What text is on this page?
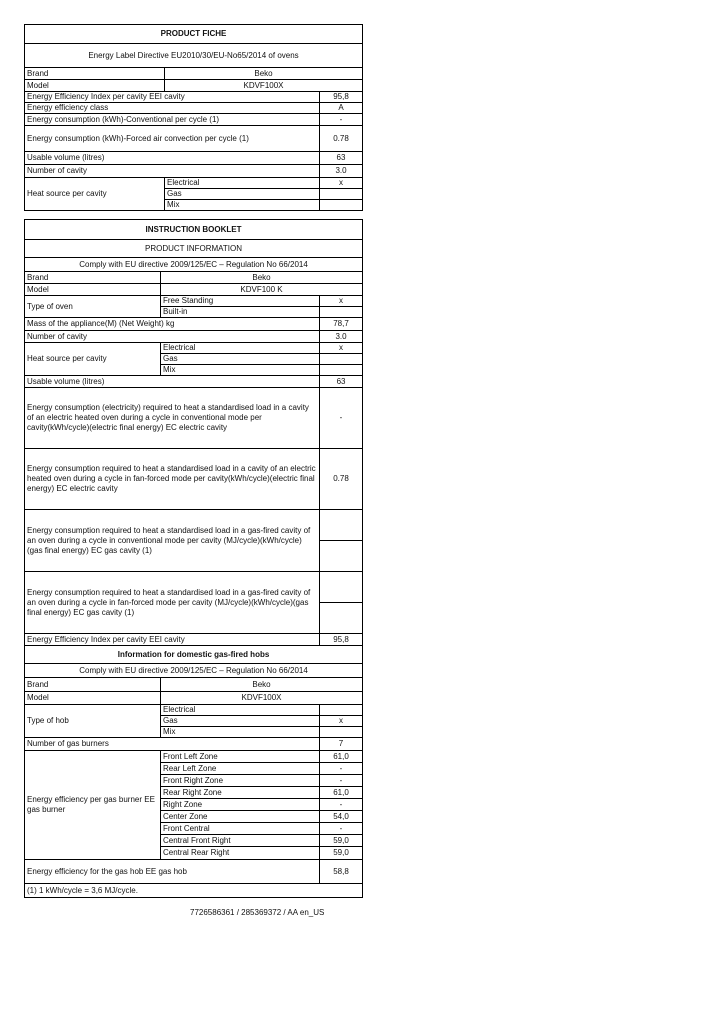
PRODUCT FICHE		
Energy Label Directive EU2010/30/EU-No65/2014 of ovens		
Brand	Beko	
Model	KDVF100X	
Energy Efficiency Index per cavity EEI cavity		95,8
Energy efficiency class		A
Energy consumption (kWh)-Conventional per cycle (1)		-
Energy consumption (kWh)-Forced air convection per cycle (1)		0.78
Usable volume (litres)		63
Number of cavity		3.0
Heat source per cavity	Electrical	x
	Gas	
	Mix	
INSTRUCTION BOOKLET		
PRODUCT INFORMATION		
Comply with EU directive 2009/125/EC – Regulation No 66/2014		
Brand	Beko	
Model	KDVF100 K	
Type of oven	Free Standing	x
	Built-in	
Mass of the appliance(M) (Net Weight) kg		78,7
Number of cavity		3.0
Heat source per cavity	Electrical	x
	Gas	
	Mix	
Usable volume (litres)		63
Energy consumption (electricity) required to heat a standardised load in a cavity of an electric heated oven during a cycle in conventional mode per cavity(kWh/cycle)(electric final energy) EC electric cavity		-
Energy consumption required to heat a standardised load in a cavity of an electric heated oven during a cycle in fan-forced mode per cavity(kWh/cycle)(electric final energy) EC electric cavity		0.78
Energy consumption required to heat a standardised load in a gas-fired cavity of an oven during a cycle in conventional mode per cavity (MJ/cycle)(kWh/cycle)(gas final energy) EC gas cavity (1)		

Energy consumption required to heat a standardised load in a gas-fired cavity of an oven during a cycle in fan-forced mode per cavity (MJ/cycle)(kWh/cycle)(gas final energy) EC gas cavity (1)		

Energy Efficiency Index per cavity EEI cavity		95,8
Information for domestic gas-fired hobs		
Comply with EU directive 2009/125/EC – Regulation No 66/2014		
Brand	Beko	
Model	KDVF100X	
Type of hob	Electrical	
	Gas	x
	Mix	
Number of gas burners		7
Energy efficiency per gas burner EE gas burner	Front Left Zone	61,0
	Rear Left Zone	-
	Front Right Zone	-
	Rear Right Zone	61,0
	Right Zone	-
	Center Zone	54,0
	Front Central	-
	Central Front Right	59,0
	Central Rear Right	59,0
Energy efficiency for the gas hob EE gas hob		58,8
(1) 1 kWh/cycle = 3,6 MJ/cycle.		
7726586361 / 285369372 / AA en_US
